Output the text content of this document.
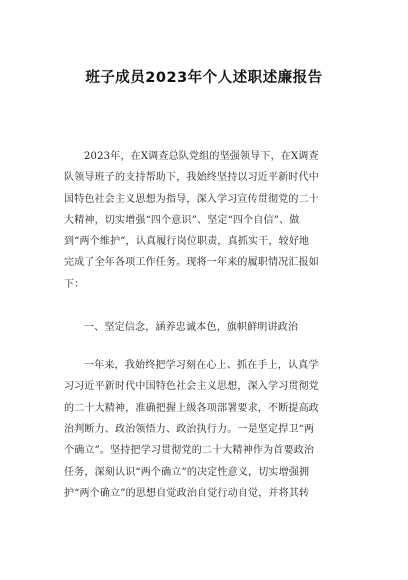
班子成员2023年个人述职述廉报告

2023年，在X调查总队党组的坚强领导下，在X调查
队领导班子的支持帮助下，我始终坚持以习近平新时代中
国特色社会主义思想为指导，深入学习宣传贯彻党的二十
大精神，切实增强“四个意识”、坚定“四个自信”、做
到“两个维护”，认真履行岗位职责，真抓实干，较好地
完成了全年各项工作任务。现将一年来的履职情况汇报如
下：

一、坚定信念，涵养忠诚本色，旗帜鲜明讲政治

一年来，我始终把学习刻在心上、抓在手上，认真学
习习近平新时代中国特色社会主义思想，深入学习贯彻党
的二十大精神，准确把握上级各项部署要求，不断提高政
治判断力、政治领悟力、政治执行力。一是坚定捍卫“两
个确立”。坚持把学习贯彻党的二十大精神作为首要政治
任务，深刻认识“两个确立”的决定性意义，切实增强拥
护“两个确立”的思想自觉政治自觉行动自觉，并将其转
